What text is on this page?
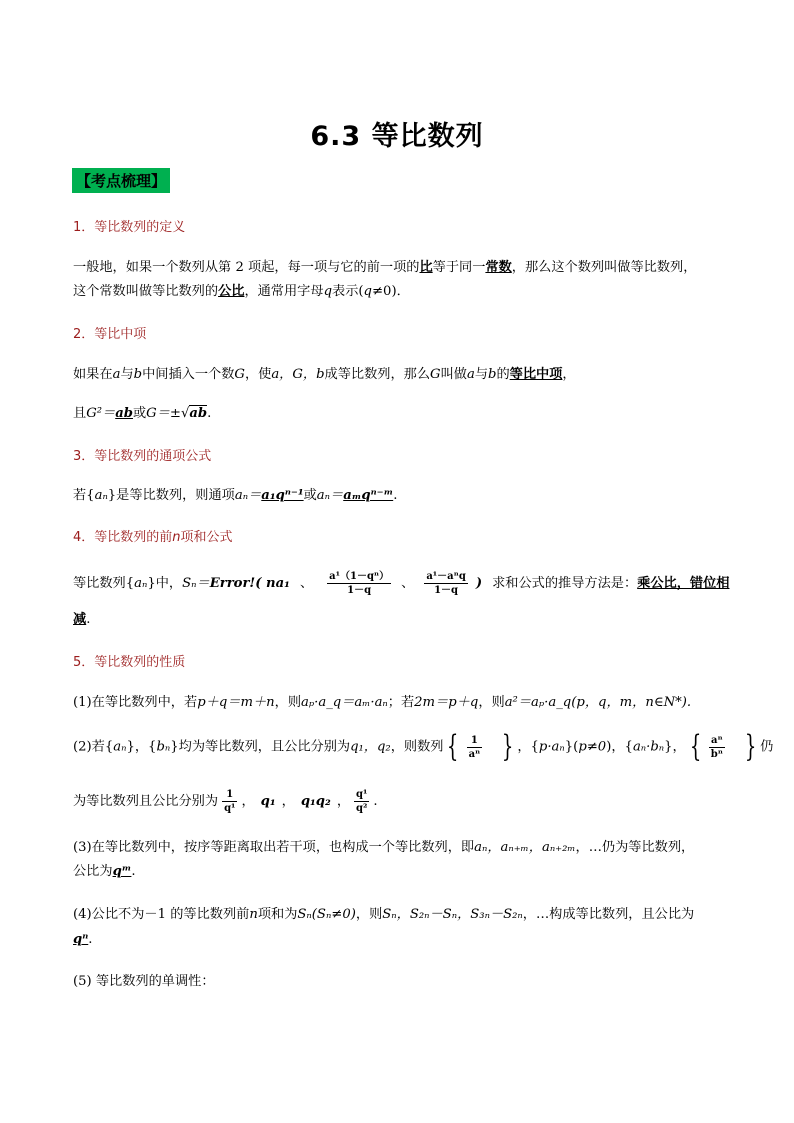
6.3 等比数列
【考点梳理】
1．等比数列的定义
一般地，如果一个数列从第 2 项起，每一项与它的前一项的比等于同一常数，那么这个数列叫做等比数列，
这个常数叫做等比数列的公比，通常用字母q表示(q≠0)．
2．等比中项
如果在a与b中间插入一个数G，使a，G，b成等比数列，那么G叫做a与b的等比中项，
且G²＝ab或G＝±√ab.
3．等比数列的通项公式
若{aₙ}是等比数列，则通项aₙ＝a₁qⁿ⁻¹或aₙ＝aₘqⁿ⁻ᵐ.
4．等比数列的前n项和公式
等比数列{aₙ}中，Sₙ＝Error!( na₁ 、 $\frac{\text{a¹（1－qⁿ）}}{1-q}$ 、 $\frac{\text{a¹－aⁿq}}{1-q}$ ) 求和公式的推导方法是：乘公比，错位相
减.
5．等比数列的性质
(1)在等比数列中，若p＋q＝m＋n，则aₚ·a_q＝aₘ·aₙ；若2m＝p＋q，则a²＝aₚ·a_q(p，q，m，n∈N*).
(2)若{aₙ}，{bₙ}均为等比数列，且公比分别为q₁，q₂，则数列 { $\frac{1}{\text{aⁿ}}$ } ，{p·aₙ}(p≠0)，{aₙ·bₙ}， { $\frac{\text{aⁿ}}{\text{bⁿ}}$ } 仍
为等比数列且公比分别为 $\frac{1}{\text{q¹}}$ ， q₁ ， q₁q₂ ， $\frac{\text{q¹}}{\text{q²}}$ .
(3)在等比数列中，按序等距离取出若干项，也构成一个等比数列，即aₙ，aₙ₊ₘ，aₙ₊₂ₘ，…仍为等比数列，
公比为qᵐ.
(4)公比不为－1 的等比数列前n项和为Sₙ(Sₙ≠0)，则Sₙ，S₂ₙ－Sₙ，S₃ₙ－S₂ₙ，…构成等比数列，且公比为
qⁿ.
(5) 等比数列的单调性：
